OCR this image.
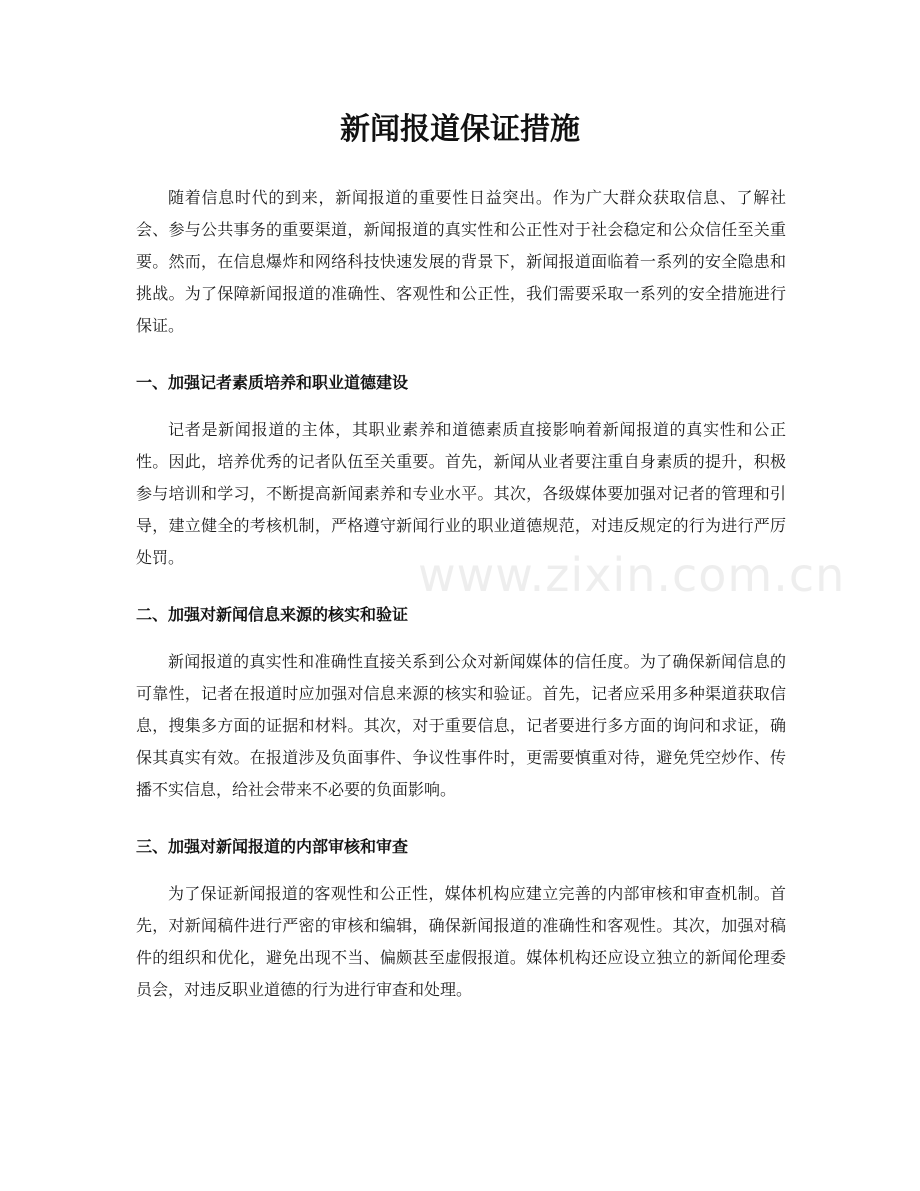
新闻报道保证措施

随着信息时代的到来，新闻报道的重要性日益突出。作为广大群众获取信息、了解社会、参与公共事务的重要渠道，新闻报道的真实性和公正性对于社会稳定和公众信任至关重要。然而，在信息爆炸和网络科技快速发展的背景下，新闻报道面临着一系列的安全隐患和挑战。为了保障新闻报道的准确性、客观性和公正性，我们需要采取一系列的安全措施进行保证。

一、加强记者素质培养和职业道德建设

记者是新闻报道的主体，其职业素养和道德素质直接影响着新闻报道的真实性和公正性。因此，培养优秀的记者队伍至关重要。首先，新闻从业者要注重自身素质的提升，积极参与培训和学习，不断提高新闻素养和专业水平。其次，各级媒体要加强对记者的管理和引导，建立健全的考核机制，严格遵守新闻行业的职业道德规范，对违反规定的行为进行严厉处罚。

二、加强对新闻信息来源的核实和验证

新闻报道的真实性和准确性直接关系到公众对新闻媒体的信任度。为了确保新闻信息的可靠性，记者在报道时应加强对信息来源的核实和验证。首先，记者应采用多种渠道获取信息，搜集多方面的证据和材料。其次，对于重要信息，记者要进行多方面的询问和求证，确保其真实有效。在报道涉及负面事件、争议性事件时，更需要慎重对待，避免凭空炒作、传播不实信息，给社会带来不必要的负面影响。

三、加强对新闻报道的内部审核和审查

为了保证新闻报道的客观性和公正性，媒体机构应建立完善的内部审核和审查机制。首先，对新闻稿件进行严密的审核和编辑，确保新闻报道的准确性和客观性。其次，加强对稿件的组织和优化，避免出现不当、偏颇甚至虚假报道。媒体机构还应设立独立的新闻伦理委员会，对违反职业道德的行为进行审查和处理。

www.zixin.com.cn
